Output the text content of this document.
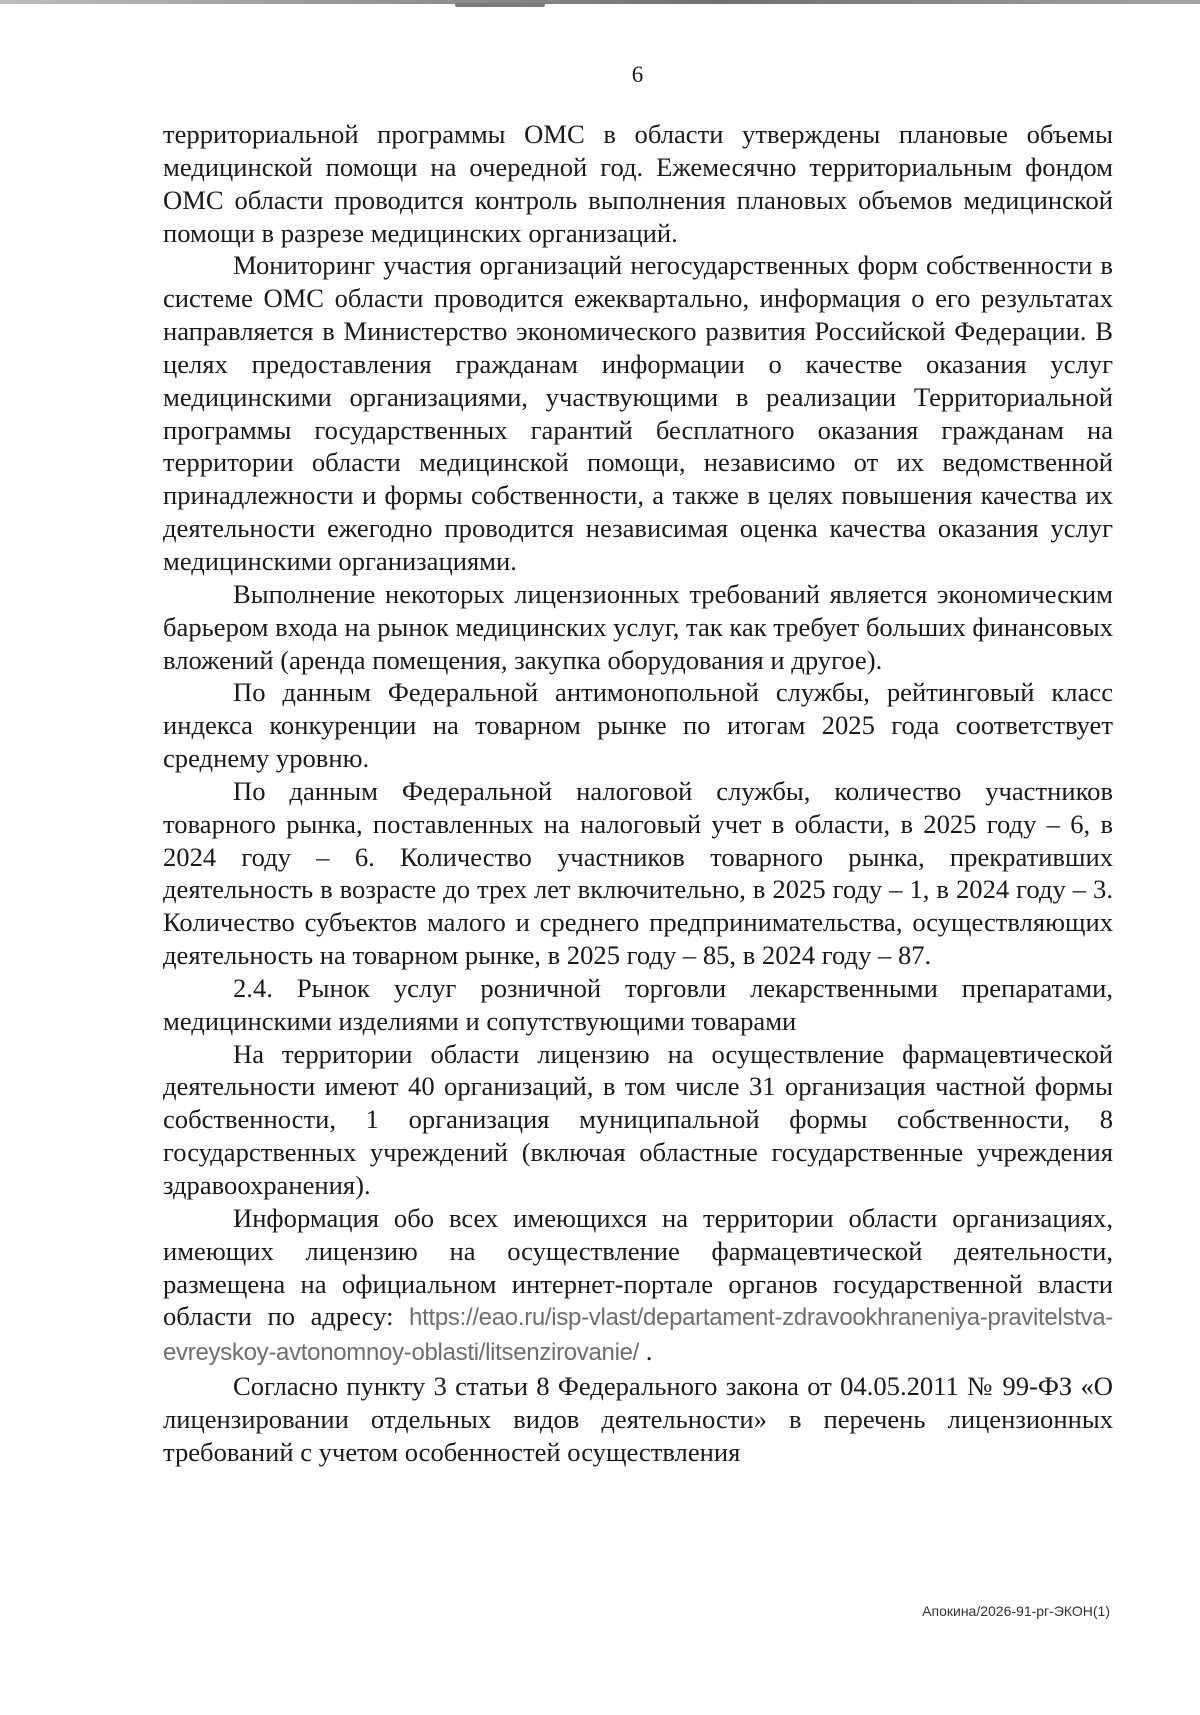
6

территориальной программы ОМС в области утверждены плановые объемы медицинской помощи на очередной год. Ежемесячно территориальным фондом ОМС области проводится контроль выполнения плановых объемов медицинской помощи в разрезе медицинских организаций.

Мониторинг участия организаций негосударственных форм собственности в системе ОМС области проводится ежеквартально, информация о его результатах направляется в Министерство экономического развития Российской Федерации. В целях предоставления гражданам информации о качестве оказания услуг медицинскими организациями, участвующими в реализации Территориальной программы государственных гарантий бесплатного оказания гражданам на территории области медицинской помощи, независимо от их ведомственной принадлежности и формы собственности, а также в целях повышения качества их деятельности ежегодно проводится независимая оценка качества оказания услуг медицинскими организациями.

Выполнение некоторых лицензионных требований является экономическим барьером входа на рынок медицинских услуг, так как требует больших финансовых вложений (аренда помещения, закупка оборудования и другое).

По данным Федеральной антимонопольной службы, рейтинговый класс индекса конкуренции на товарном рынке по итогам 2025 года соответствует среднему уровню.

По данным Федеральной налоговой службы, количество участников товарного рынка, поставленных на налоговый учет в области, в 2025 году – 6, в 2024 году – 6. Количество участников товарного рынка, прекративших деятельность в возрасте до трех лет включительно, в 2025 году – 1, в 2024 году – 3. Количество субъектов малого и среднего предпринимательства, осуществляющих деятельность на товарном рынке, в 2025 году – 85, в 2024 году – 87.

2.4. Рынок услуг розничной торговли лекарственными препаратами, медицинскими изделиями и сопутствующими товарами

На территории области лицензию на осуществление фармацевтической деятельности имеют 40 организаций, в том числе 31 организация частной формы собственности, 1 организация муниципальной формы собственности, 8 государственных учреждений (включая областные государственные учреждения здравоохранения).

Информация обо всех имеющихся на территории области организациях, имеющих лицензию на осуществление фармацевтической деятельности, размещена на официальном интернет-портале органов государственной власти области по адресу: https://eao.ru/isp-vlast/departament-zdravookhraneniya-pravitelstva-evreyskoy-avtonomnoy-oblasti/litsenzirovanie/ .

Согласно пункту 3 статьи 8 Федерального закона от 04.05.2011 № 99-ФЗ «О лицензировании отдельных видов деятельности» в перечень лицензионных требований с учетом особенностей осуществления

Апокина/2026-91-рг-ЭКОН(1)
